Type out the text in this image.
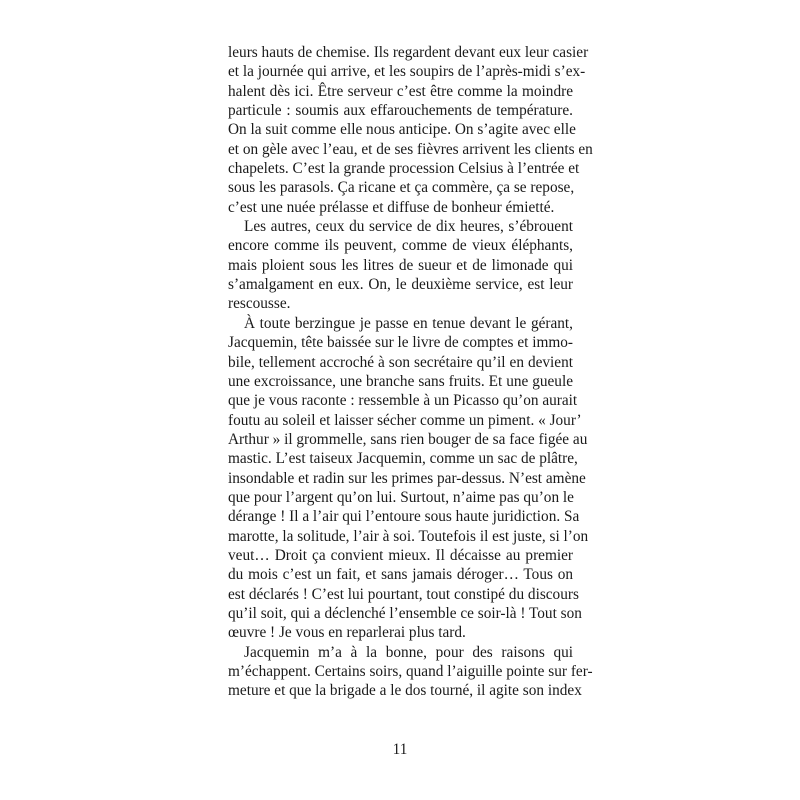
leurs hauts de chemise. Ils regardent devant eux leur casier
et la journée qui arrive, et les soupirs de l’après-midi s’ex-
halent dès ici. Être serveur c’est être comme la moindre
particule : soumis aux effarouchements de température.
On la suit comme elle nous anticipe. On s’agite avec elle
et on gèle avec l’eau, et de ses fièvres arrivent les clients en
chapelets. C’est la grande procession Celsius à l’entrée et
sous les parasols. Ça ricane et ça commère, ça se repose,
c’est une nuée prélasse et diffuse de bonheur émietté.
Les autres, ceux du service de dix heures, s’ébrouent
encore comme ils peuvent, comme de vieux éléphants,
mais ploient sous les litres de sueur et de limonade qui
s’amalgament en eux. On, le deuxième service, est leur
rescousse.
À toute berzingue je passe en tenue devant le gérant,
Jacquemin, tête baissée sur le livre de comptes et immo-
bile, tellement accroché à son secrétaire qu’il en devient
une excroissance, une branche sans fruits. Et une gueule
que je vous raconte : ressemble à un Picasso qu’on aurait
foutu au soleil et laisser sécher comme un piment. « Jour’
Arthur » il grommelle, sans rien bouger de sa face figée au
mastic. L’est taiseux Jacquemin, comme un sac de plâtre,
insondable et radin sur les primes par-dessus. N’est amène
que pour l’argent qu’on lui. Surtout, n’aime pas qu’on le
dérange ! Il a l’air qui l’entoure sous haute juridiction. Sa
marotte, la solitude, l’air à soi. Toutefois il est juste, si l’on
veut… Droit ça convient mieux. Il décaisse au premier
du mois c’est un fait, et sans jamais déroger… Tous on
est déclarés ! C’est lui pourtant, tout constipé du discours
qu’il soit, qui a déclenché l’ensemble ce soir-là ! Tout son
œuvre ! Je vous en reparlerai plus tard.
Jacquemin m’a à la bonne, pour des raisons qui
m’échappent. Certains soirs, quand l’aiguille pointe sur fer-
meture et que la brigade a le dos tourné, il agite son index
11
